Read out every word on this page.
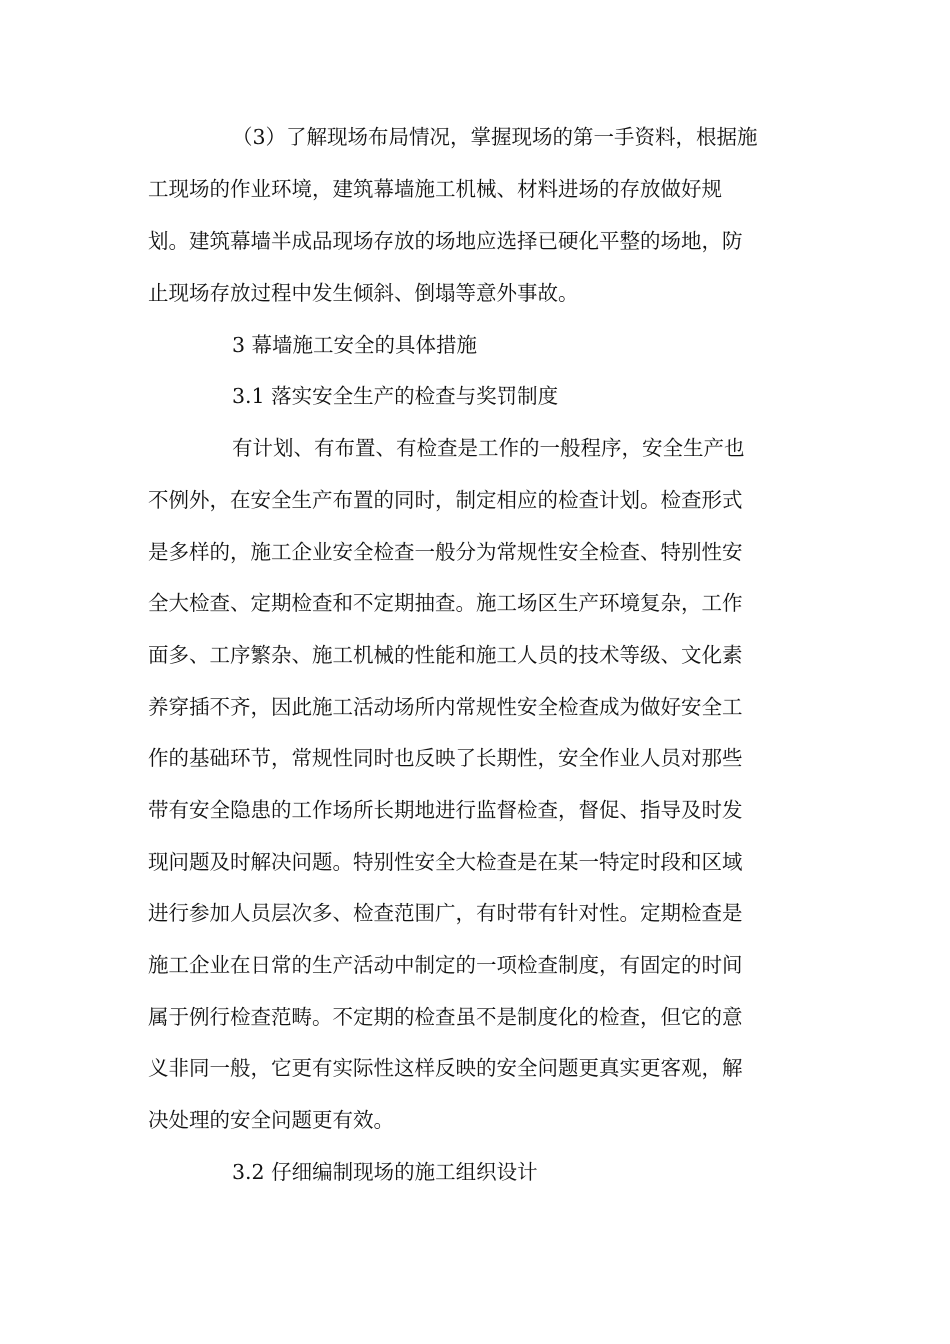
（3）了解现场布局情况，掌握现场的第一手资料，根据施
工现场的作业环境，建筑幕墙施工机械、材料进场的存放做好规
划。建筑幕墙半成品现场存放的场地应选择已硬化平整的场地，防
止现场存放过程中发生倾斜、倒塌等意外事故。
3 幕墙施工安全的具体措施
3.1 落实安全生产的检查与奖罚制度
有计划、有布置、有检查是工作的一般程序，安全生产也
不例外，在安全生产布置的同时，制定相应的检查计划。检查形式
是多样的，施工企业安全检查一般分为常规性安全检查、特别性安
全大检查、定期检查和不定期抽查。施工场区生产环境复杂，工作
面多、工序繁杂、施工机械的性能和施工人员的技术等级、文化素
养穿插不齐，因此施工活动场所内常规性安全检查成为做好安全工
作的基础环节，常规性同时也反映了长期性，安全作业人员对那些
带有安全隐患的工作场所长期地进行监督检查，督促、指导及时发
现问题及时解决问题。特别性安全大检查是在某一特定时段和区域
进行参加人员层次多、检查范围广，有时带有针对性。定期检查是
施工企业在日常的生产活动中制定的一项检查制度，有固定的时间
属于例行检查范畴。不定期的检查虽不是制度化的检查，但它的意
义非同一般，它更有实际性这样反映的安全问题更真实更客观，解
决处理的安全问题更有效。
3.2 仔细编制现场的施工组织设计
